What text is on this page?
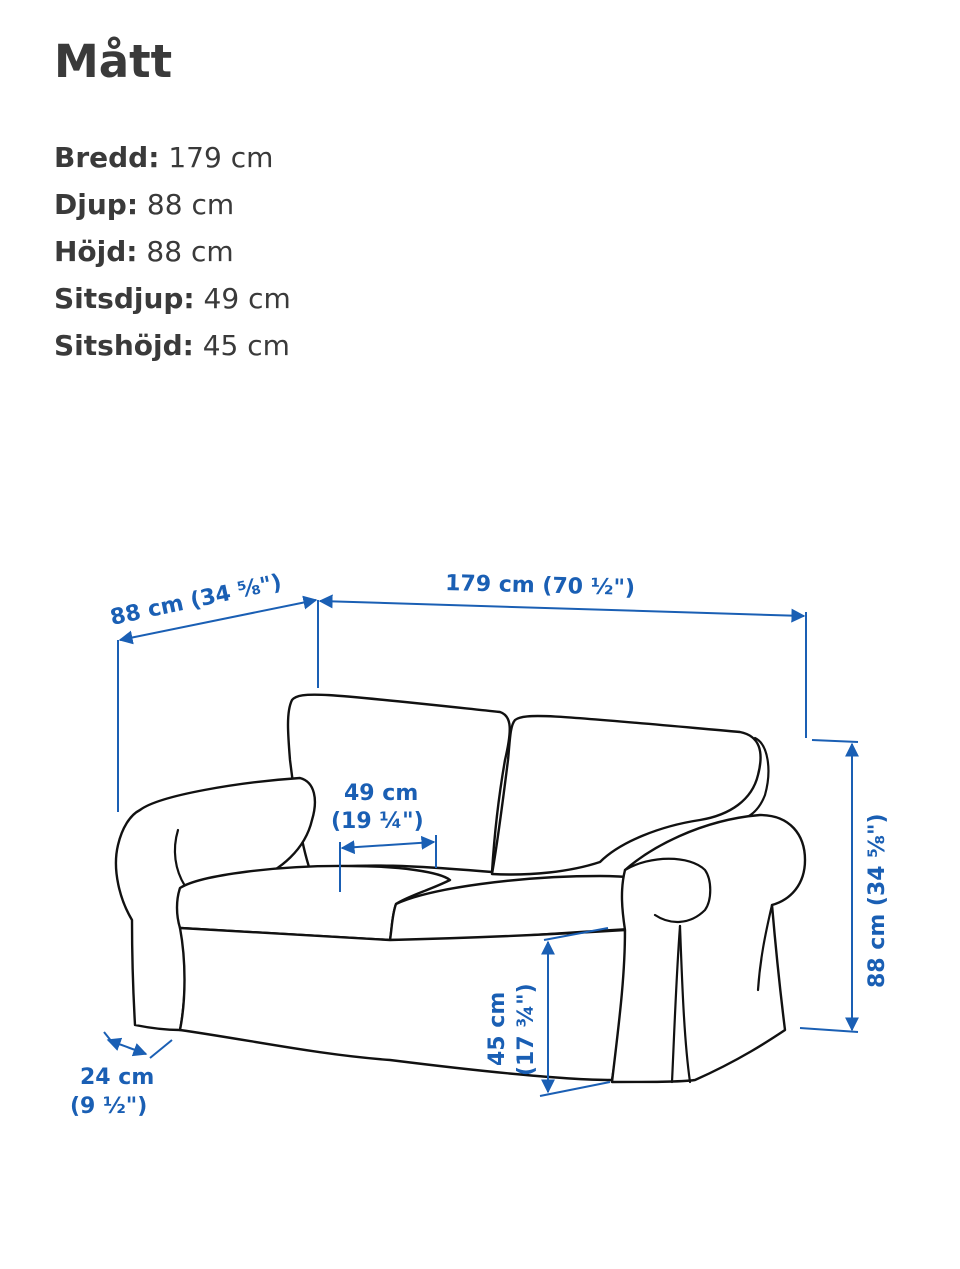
Mått
Bredd: 179 cm
Djup: 88 cm
Höjd: 88 cm
Sitsdjup: 49 cm
Sitshöjd: 45 cm
88 cm (34 ⅝")	179 cm (70 ½")
88 cm (34 ⅝")
49 cm
(19 ¼")
45 cm (17 ¾")
24 cm
(9 ½")
